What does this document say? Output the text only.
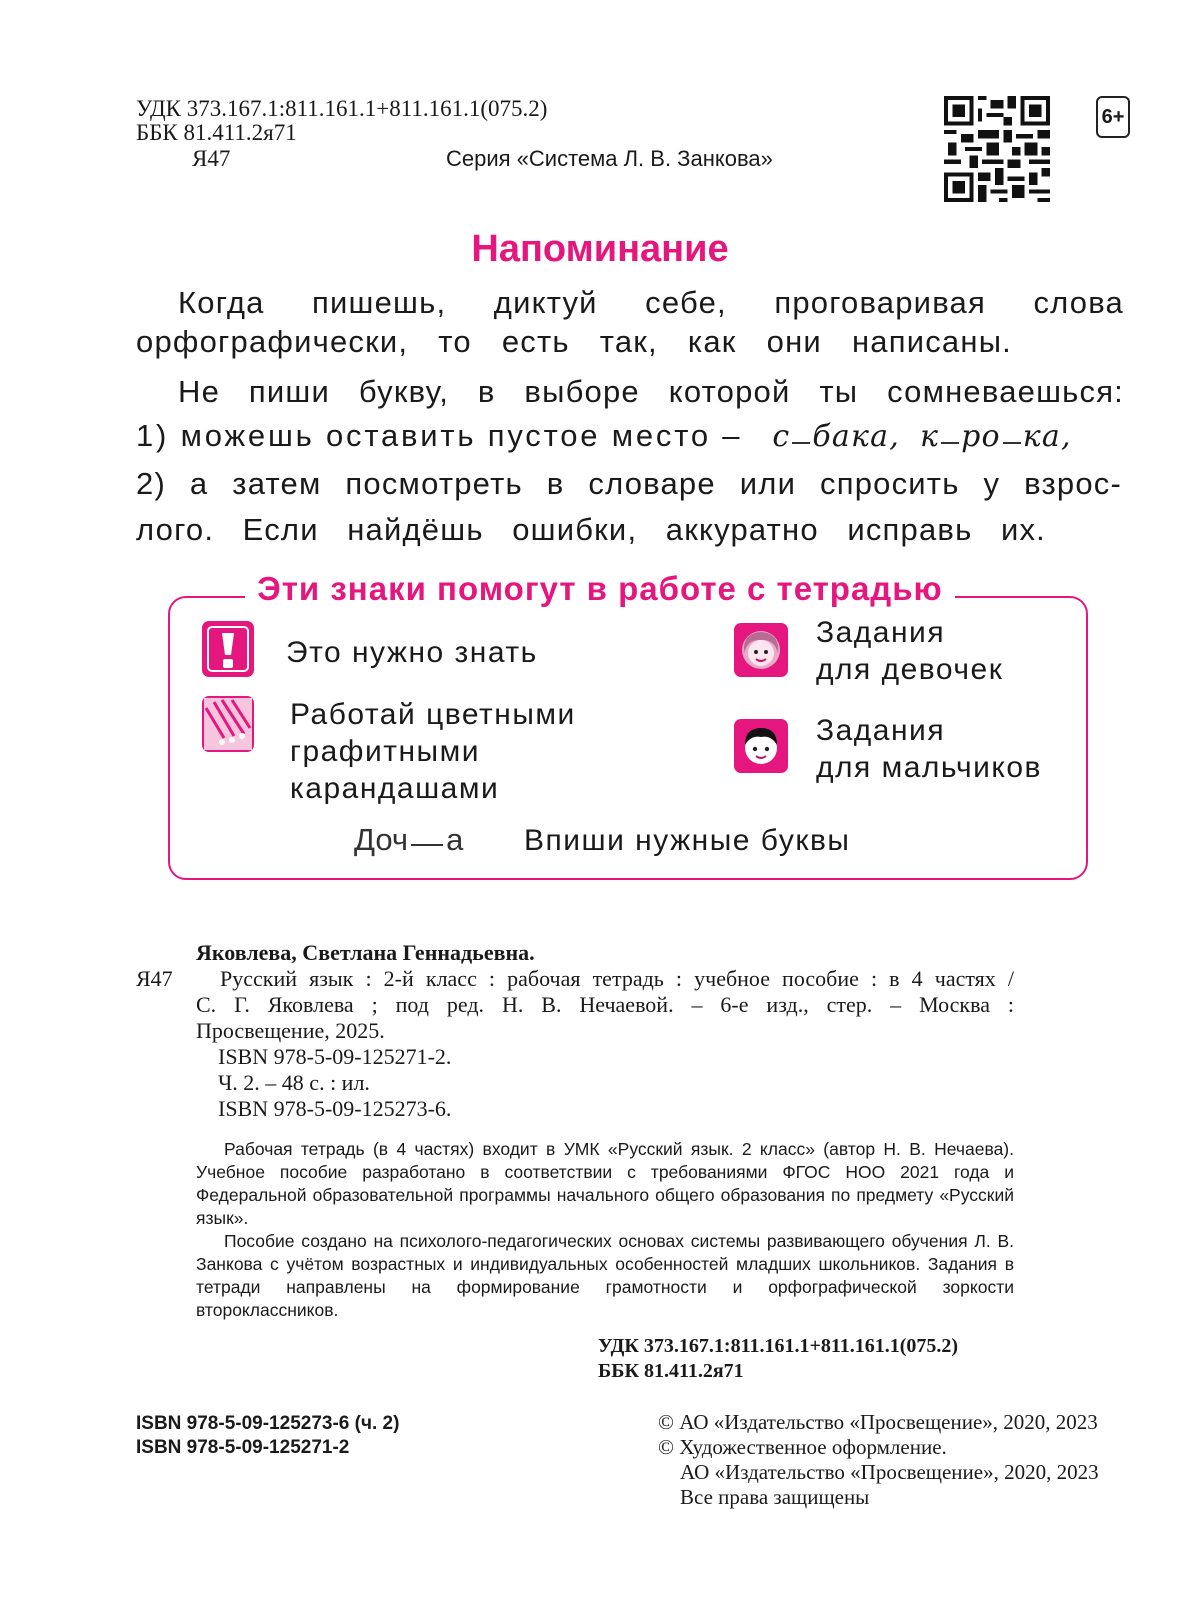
УДК 373.167.1:811.161.1+811.161.1(075.2)
ББК 81.411.2я71
Я47	Серия «Система Л. В. Занкова»
6+
Напоминание
Когда пишешь, диктуй себе, проговаривая слова
орфографически, то есть так, как они написаны.
Не пиши букву, в выборе которой ты сомневаешься:
1) можешь оставить пустое место – с бака, к ро ка,
2) а затем посмотреть в словаре или спросить у взрос-
лого. Если найдёшь ошибки, аккуратно исправь их.
Эти знаки помогут в работе с тетрадью
Это нужно знать
Работай цветными
графитными
карандашами
Задания
для девочек
Задания
для мальчиков
Доч а Впиши нужные буквы
Яковлева, Светлана Геннадьевна.
Я47	Русский язык : 2-й класс : рабочая тетрадь : учебное пособие : в 4 частях /
С. Г. Яковлева ; под ред. Н. В. Нечаевой. – 6-е изд., стер. – Москва :
Просвещение, 2025.
ISBN 978-5-09-125271-2.
Ч. 2. – 48 с. : ил.
ISBN 978-5-09-125273-6.

Рабочая тетрадь (в 4 частях) входит в УМК «Русский язык. 2 класс» (автор Н. В. Нечаева). Учебное пособие разработано в соответствии с требованиями ФГОС НОО 2021 года и Федеральной образовательной программы начального общего образования по предмету «Русский язык».

Пособие создано на психолого-педагогических основах системы развивающего обучения Л. В. Занкова с учётом возрастных и индивидуальных особенностей младших школьников. Задания в тетради направлены на формирование грамотности и орфографической зоркости второклассников.

УДК 373.167.1:811.161.1+811.161.1(075.2)
ББК 81.411.2я71
ISBN 978-5-09-125273-6 (ч. 2)
ISBN 978-5-09-125271-2
© АО «Издательство «Просвещение», 2020, 2023
© Художественное оформление.
АО «Издательство «Просвещение», 2020, 2023
Все права защищены
